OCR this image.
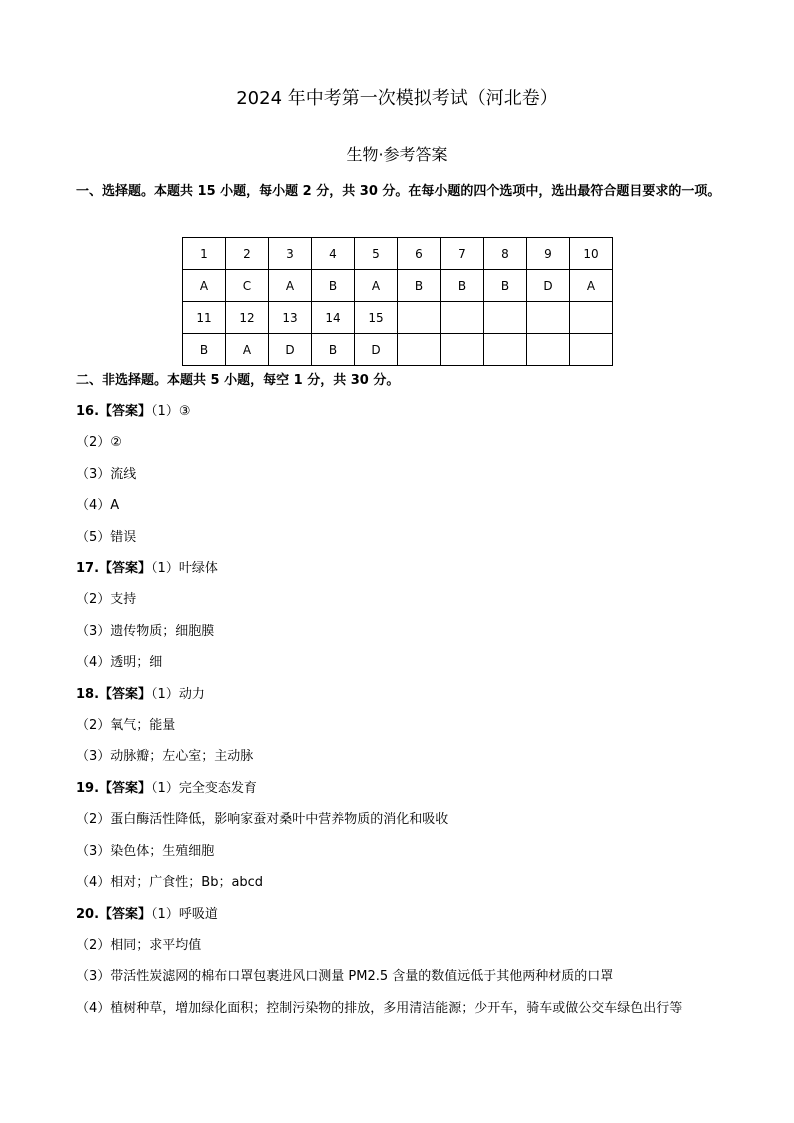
2024 年中考第一次模拟考试（河北卷）
生物·参考答案
一、选择题。本题共 15 小题，每小题 2 分，共 30 分。在每小题的四个选项中，选出最符合题目要求的一项。
1	2	3	4	5	6	7	8	9	10
A	C	A	B	A	B	B	B	D	A
11	12	13	14	15					
B	A	D	B	D					
二、非选择题。本题共 5 小题，每空 1 分，共 30 分。
16.【答案】（1）③
（2）②
（3）流线
（4）A
（5）错误
17.【答案】（1）叶绿体
（2）支持
（3）遗传物质；细胞膜
（4）透明；细
18.【答案】（1）动力
（2）氧气；能量
（3）动脉瓣；左心室；主动脉
19.【答案】（1）完全变态发育
（2）蛋白酶活性降低，影响家蚕对桑叶中营养物质的消化和吸收
（3）染色体；生殖细胞
（4）相对；广食性；Bb；abcd
20.【答案】（1）呼吸道
（2）相同；求平均值
（3）带活性炭滤网的棉布口罩包裹进风口测量 PM2.5 含量的数值远低于其他两种材质的口罩
（4）植树种草，增加绿化面积；控制污染物的排放，多用清洁能源；少开车，骑车或做公交车绿色出行等
